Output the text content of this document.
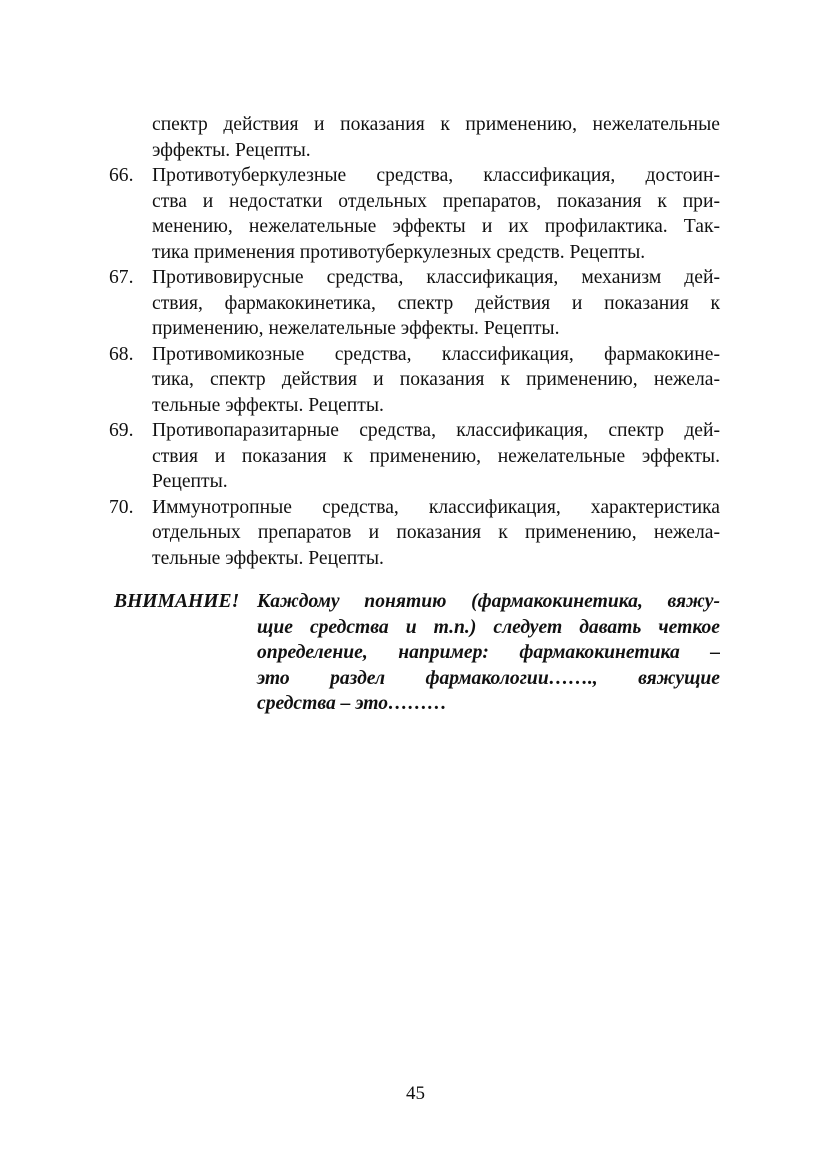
спектр действия и показания к применению, нежелательные
эффекты. Рецепты.
66. Противотуберкулезные средства, классификация, достоин-
ства и недостатки отдельных препаратов, показания к при-
менению, нежелательные эффекты и их профилактика. Так-
тика применения противотуберкулезных средств. Рецепты.
67. Противовирусные средства, классификация, механизм дей-
ствия, фармакокинетика, спектр действия и показания к
применению, нежелательные эффекты. Рецепты.
68. Противомикозные средства, классификация, фармакокине-
тика, спектр действия и показания к применению, нежела-
тельные эффекты. Рецепты.
69. Противопаразитарные средства, классификация, спектр дей-
ствия и показания к применению, нежелательные эффекты.
Рецепты.
70. Иммунотропные средства, классификация, характеристика
отдельных препаратов и показания к применению, нежела-
тельные эффекты. Рецепты.
ВНИМАНИЕ! Каждому понятию (фармакокинетика, вяжу-
щие средства и т.п.) следует давать четкое
определение, например: фармакокинетика –
это раздел фармакологии……., вяжущие
средства – это………
45
